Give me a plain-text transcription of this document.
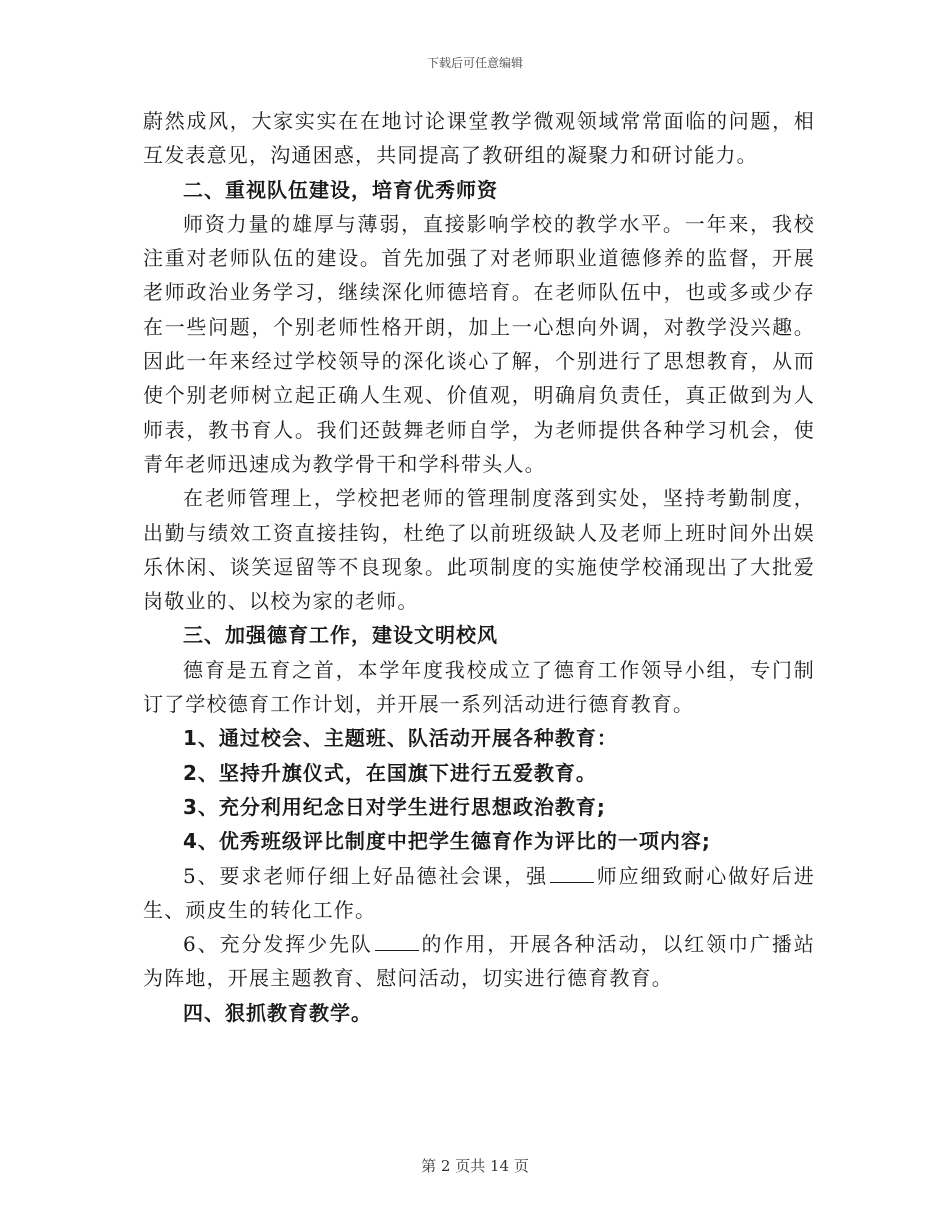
下载后可任意编辑

蔚然成风，大家实实在在地讨论课堂教学微观领域常常面临的问题，相互发表意见，沟通困惑，共同提高了教研组的凝聚力和研讨能力。

二、重视队伍建设，培育优秀师资

师资力量的雄厚与薄弱，直接影响学校的教学水平。一年来，我校注重对老师队伍的建设。首先加强了对老师职业道德修养的监督，开展老师政治业务学习，继续深化师德培育。在老师队伍中，也或多或少存在一些问题，个别老师性格开朗，加上一心想向外调，对教学没兴趣。因此一年来经过学校领导的深化谈心了解，个别进行了思想教育，从而使个别老师树立起正确人生观、价值观，明确肩负责任，真正做到为人师表，教书育人。我们还鼓舞老师自学，为老师提供各种学习机会，使青年老师迅速成为教学骨干和学科带头人。

在老师管理上，学校把老师的管理制度落到实处，坚持考勤制度，出勤与绩效工资直接挂钩，杜绝了以前班级缺人及老师上班时间外出娱乐休闲、谈笑逗留等不良现象。此项制度的实施使学校涌现出了大批爱岗敬业的、以校为家的老师。

三、加强德育工作，建设文明校风

德育是五育之首，本学年度我校成立了德育工作领导小组，专门制订了学校德育工作计划，并开展一系列活动进行德育教育。

1、通过校会、主题班、队活动开展各种教育：

2、坚持升旗仪式，在国旗下进行五爱教育。

3、充分利用纪念日对学生进行思想政治教育;

4、优秀班级评比制度中把学生德育作为评比的一项内容;

5、要求老师仔细上好品德社会课，强 师应细致耐心做好后进生、顽皮生的转化工作。

6、充分发挥少先队 的作用，开展各种活动，以红领巾广播站为阵地，开展主题教育、慰问活动，切实进行德育教育。

四、狠抓教育教学。

第 2 页共 14 页
